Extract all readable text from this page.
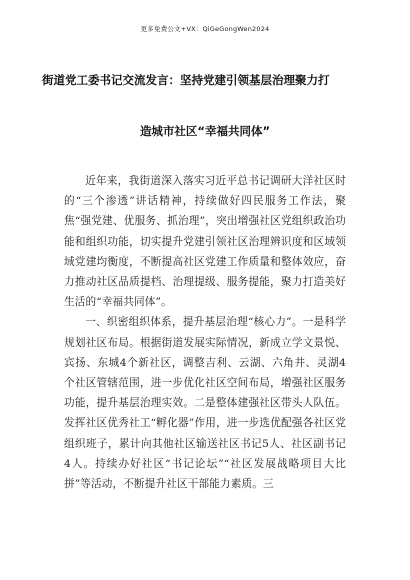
更多免费公文+VX：QiGeGongWen2024
街道党工委书记交流发言：坚持党建引领基层治理聚力打
造城市社区“幸福共同体”

近年来，我街道深入落实习近平总书记调研大洋社区时的“三个渗透”讲话精神，持续做好四民服务工作法，聚焦“强党建、优服务、抓治理”，突出增强社区党组织政治功能和组织功能，切实提升党建引领社区治理辨识度和区域领域党建均衡度，不断提高社区党建工作质量和整体效应，奋力推动社区品质提档、治理提级、服务提能，聚力打造美好生活的“幸福共同体”。

一、织密组织体系，提升基层治理“核心力”。一是科学规划社区布局。根据街道发展实际情况，新成立学文景悦、宾扬、东城4个新社区，调整吉利、云湖、六角井、灵湖4个社区管辖范围，进一步优化社区空间布局，增强社区服务功能，提升基层治理实效。二是整体建强社区带头人队伍。发挥社区优秀社工“孵化器”作用，进一步选优配强各社区党组织班子，累计向其他社区输送社区书记5人、社区副书记4人。持续办好社区“书记论坛”“社区发展战略项目大比拼”等活动，不断提升社区干部能力素质。三
